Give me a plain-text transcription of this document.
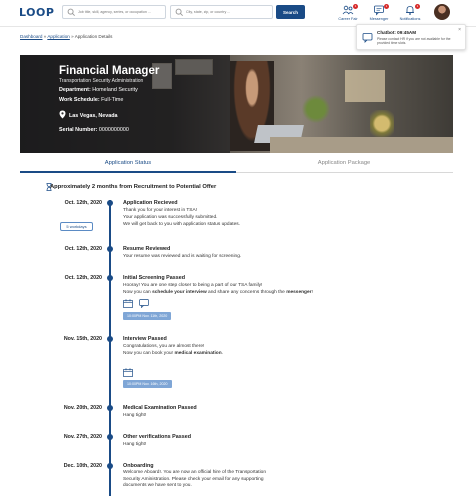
LOOP
Job title, skill, agency, series, or occupation ...
City, state, zip, or country ...	Search
1
Career Fair
1
Messenger
1
Notifications
Dashboard » Application » Application Details
Financial Manager
Transportation Security Administration
Department: Homeland Security
Work Schedule: Full-Time
Las Vegas, Nevada
Serial Number: 0000000000
Chatbot: 09:45AM
Please contact HR if you are not available for the provided time slots.
×
Application Status	Application Package
Approximately 2 months from Recruitment to Potential Offer
Oct. 12th, 2020	Application Recieved
Thank you for your interest in TSA!
Your application was successfully submitted.
We will get back to you with application status updates.
5 workdays
Oct. 12th, 2020	Resume Reviewed
Your resume was reviewed and is waiting for screening.
Oct. 12th, 2020	Initial Screening Passed
Hooray! You are one step closer to being a part of our TSA family!
Now you can schedule your interview and share any concerns through the messenger!
10:00PM Nov. 11th, 2020
Nov. 15th, 2020	Interview Passed
Congratulations, you are almost there!
Now you can book your medical examination.
10:00PM Nov. 16th, 2020
Nov. 20th, 2020	Medical Examination Passed
Hang tight!
Nov. 27th, 2020	Other verifications Passed
Hang tight!
Dec. 10th, 2020	Onboarding
Welcome Aboard!. You are now an official hire of the Transportation
Security Aministration. Please check your email for any supporting
documents we have sent to you.
